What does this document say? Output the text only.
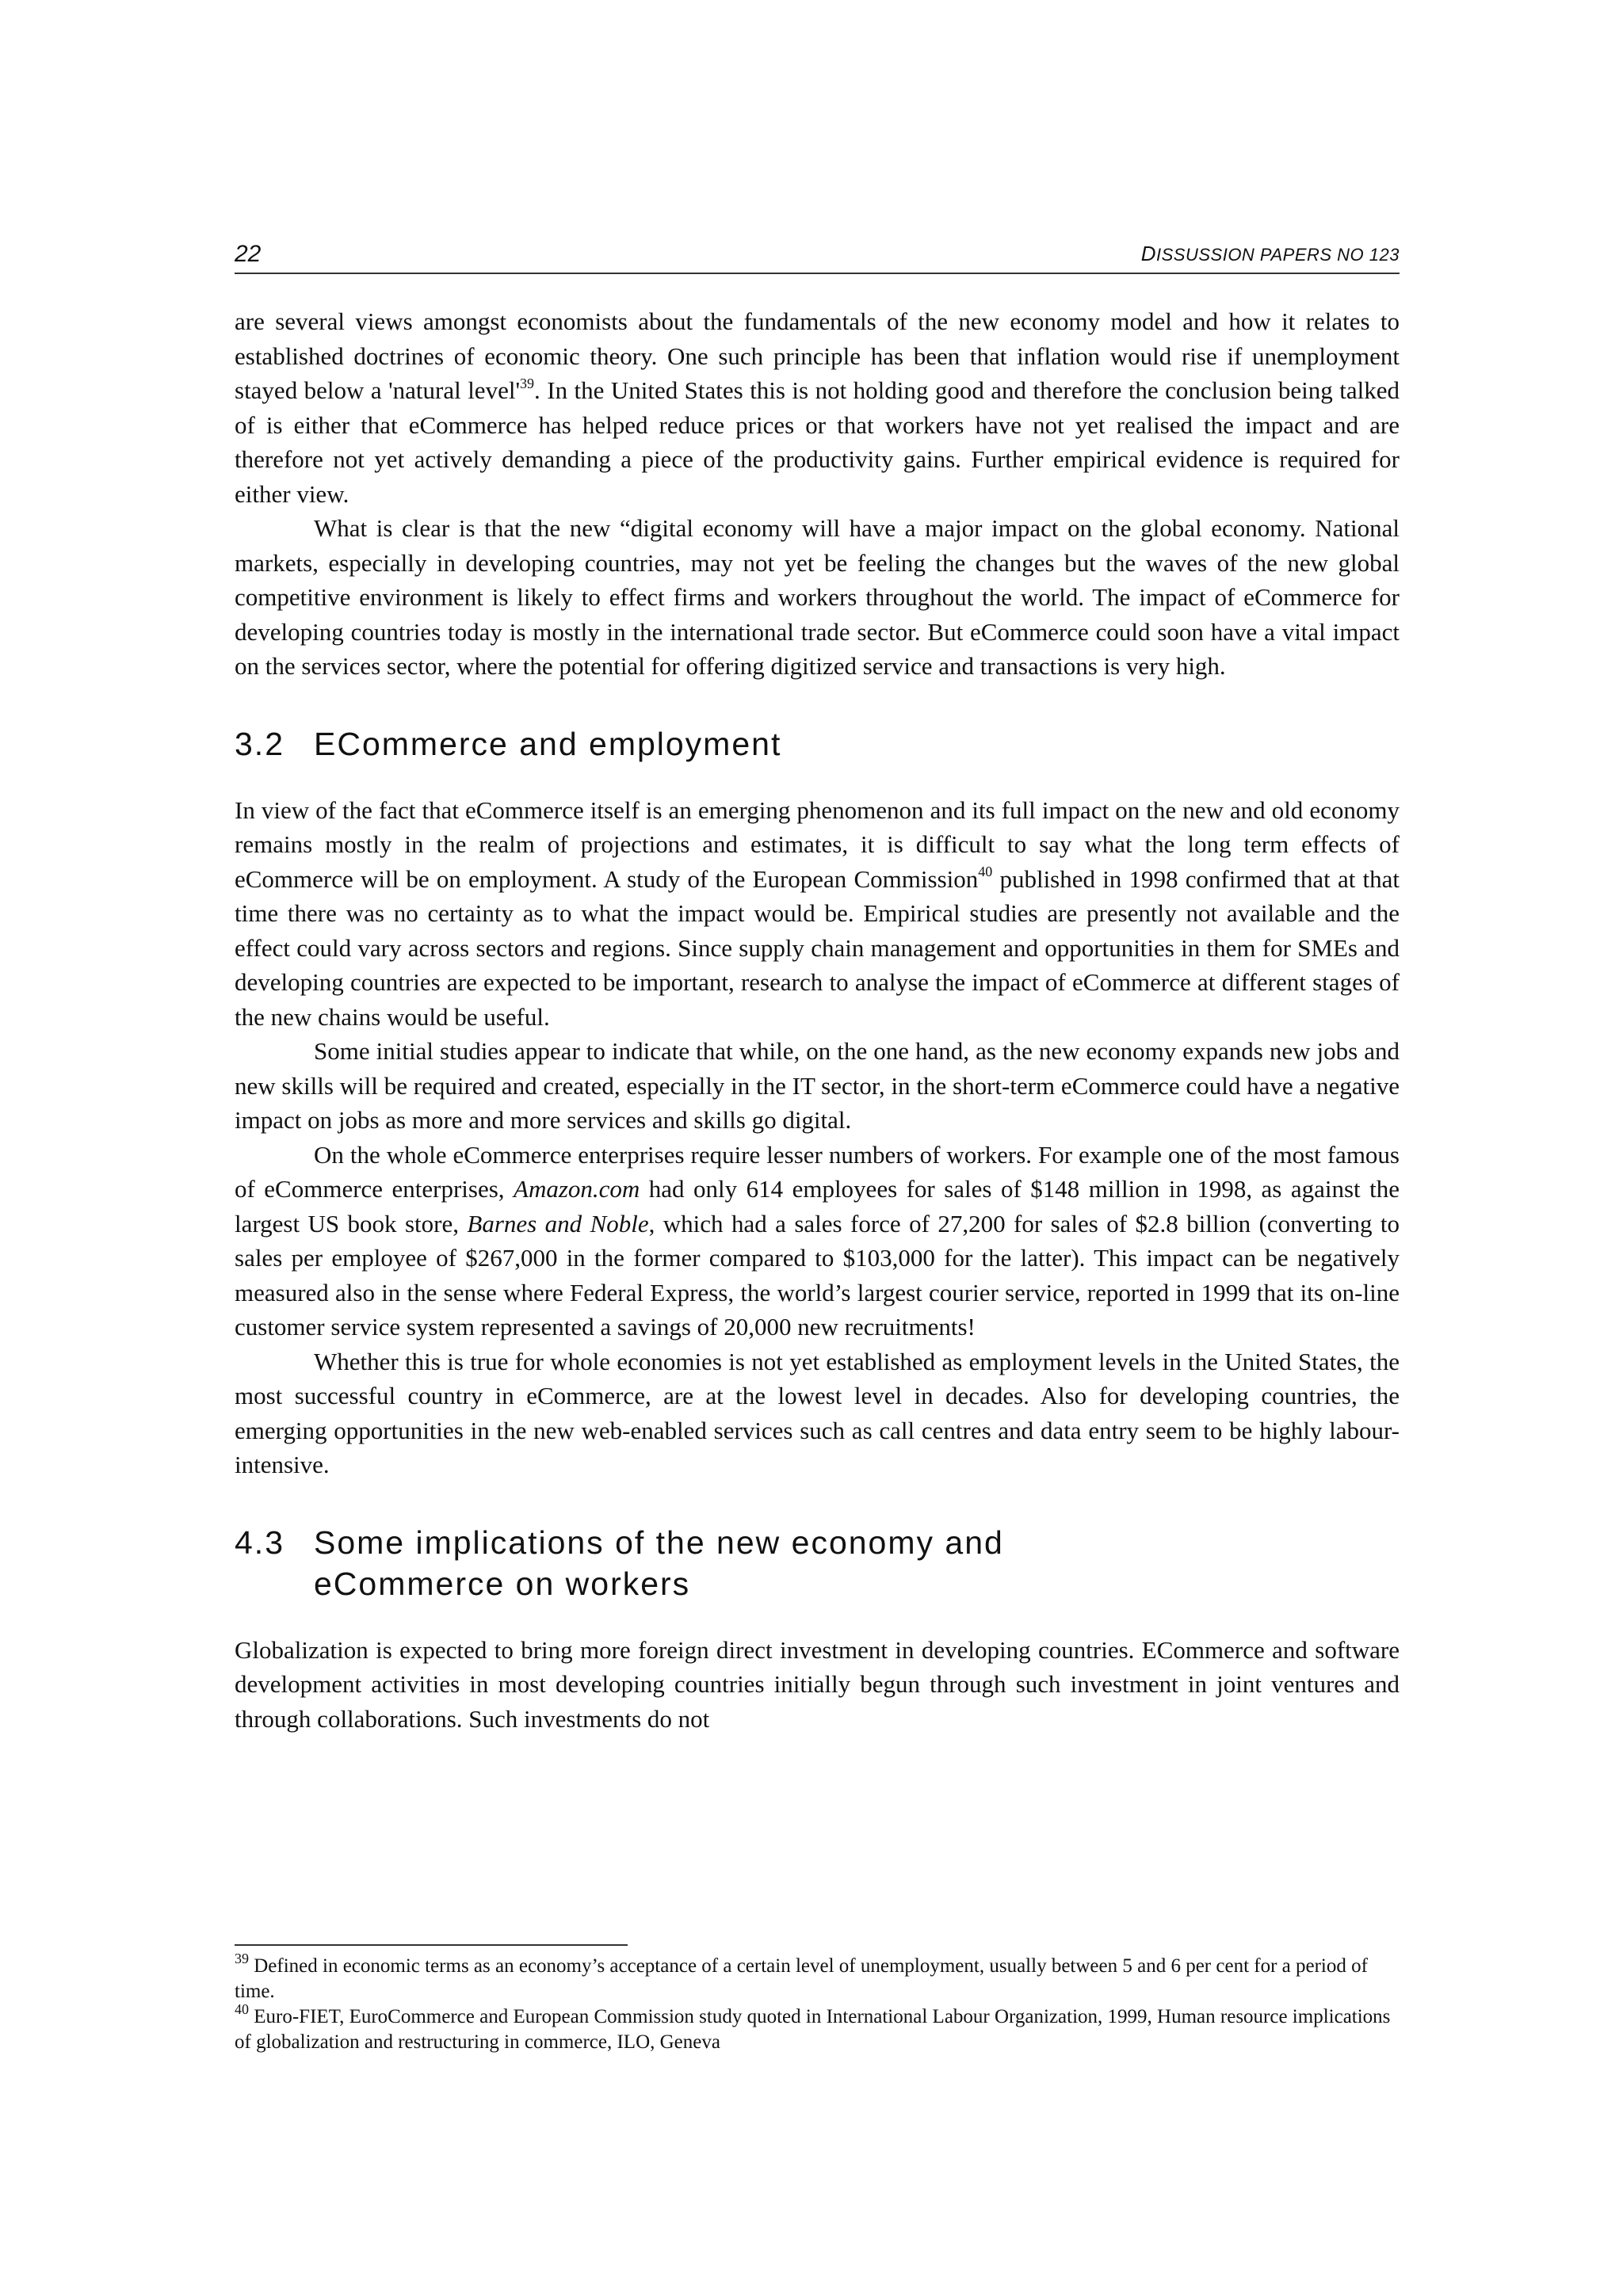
22	DISSUSSION PAPERS NO 123

are several views amongst economists about the fundamentals of the new economy model and how it relates to established doctrines of economic theory. One such principle has been that inflation would rise if unemployment stayed below a 'natural $level'^{39}$. In the United States this is not holding good and therefore the conclusion being talked of is either that eCommerce has helped reduce prices or that workers have not yet realised the impact and are therefore not yet actively demanding a piece of the productivity gains. Further empirical evidence is required for either view.

What is clear is that the new “digital economy will have a major impact on the global economy. National markets, especially in developing countries, may not yet be feeling the changes but the waves of the new global competitive environment is likely to effect firms and workers throughout the world. The impact of eCommerce for developing countries today is mostly in the international trade sector. But eCommerce could soon have a vital impact on the services sector, where the potential for offering digitized service and transactions is very high.

3.2 ECommerce and employment

In view of the fact that eCommerce itself is an emerging phenomenon and its full impact on the new and old economy remains mostly in the realm of projections and estimates, it is difficult to say what the long term effects of eCommerce will be on employment. A study of the European Commission$^{40}$ published in 1998 confirmed that at that time there was no certainty as to what the impact would be. Empirical studies are presently not available and the effect could vary across sectors and regions. Since supply chain management and opportunities in them for SMEs and developing countries are expected to be important, research to analyse the impact of eCommerce at different stages of the new chains would be useful.

Some initial studies appear to indicate that while, on the one hand, as the new economy expands new jobs and new skills will be required and created, especially in the IT sector, in the short-term eCommerce could have a negative impact on jobs as more and more services and skills go digital.

On the whole eCommerce enterprises require lesser numbers of workers. For example one of the most famous of eCommerce enterprises, Amazon.com had only 614 employees for sales of $148 million in 1998, as against the largest US book store, Barnes and Noble, which had a sales force of 27,200 for sales of $2.8 billion (converting to sales per employee of $267,000 in the former compared to $103,000 for the latter). This impact can be negatively measured also in the sense where Federal Express, the world’s largest courier service, reported in 1999 that its on-line customer service system represented a savings of 20,000 new recruitments!

Whether this is true for whole economies is not yet established as employment levels in the United States, the most successful country in eCommerce, are at the lowest level in decades. Also for developing countries, the emerging opportunities in the new web-enabled services such as call centres and data entry seem to be highly labour-intensive.

4.3 Some implications of the new economy and
eCommerce on workers

Globalization is expected to bring more foreign direct investment in developing countries. ECommerce and software development activities in most developing countries initially begun through such investment in joint ventures and through collaborations. Such investments do not

$^{39}$ Defined in economic terms as an economy’s acceptance of a certain level of unemployment, usually between 5 and 6 per cent for a period of time.

$^{40}$ Euro-FIET, EuroCommerce and European Commission study quoted in International Labour Organization, 1999, Human resource implications of globalization and restructuring in commerce, ILO, Geneva
